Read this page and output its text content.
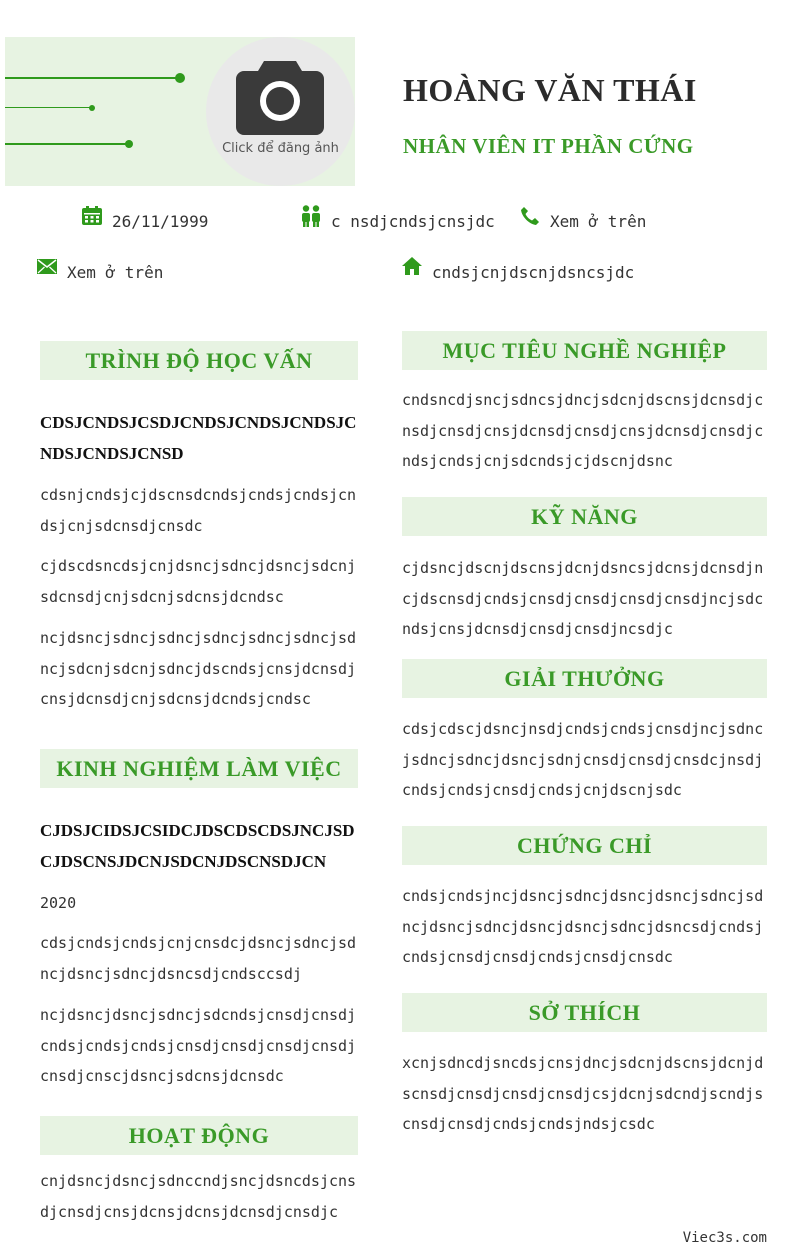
Click để đăng ảnh
HOÀNG VĂN THÁI
NHÂN VIÊN IT PHẦN CỨNG
26/11/1999	c nsdjcndsjcnsjdc	Xem ở trên
Xem ở trên	cndsjcnjdscnjdsncsjdc
TRÌNH ĐỘ HỌC VẤN

CDSJCNDSJCSDJCNDSJCNDSJCNDSJCNDSJCNDSJCNSD

cdsnjcndsjcjdscnsdcndsjcndsjcndsjcndsjcnjsdcnsdjcnsdc

cjdscdsncdsjcnjdsncjsdncjdsncjsdcnjsdcnsdjcnjsdcnjsdcnsjdcndsc

ncjdsncjsdncjsdncjsdncjsdncjsdncjsdncjsdcnjsdcnjsdncjdscndsjcnsjdcnsdjcnsjdcnsdjcnjsdcnsjdcndsjcndsc

KINH NGHIỆM LÀM VIỆC

CJDSJCIDSJCSIDCJDSCDSCDSJNCJSDCJDSCNSJDCNJSDCNJDSCNSDJCN

2020

cdsjcndsjcndsjcnjcnsdcjdsncjsdncjsdncjdsncjsdncjdsncsdjcndsccsdj

ncjdsncjdsncjsdncjsdcndsjcnsdjcnsdjcndsjcndsjcndsjcnsdjcnsdjcnsdjcnsdjcnsdjcnscjdsncjsdcnsjdcnsdc

HOẠT ĐỘNG

cnjdsncjdsncjsdnccndjsncjdsncdsjcnsdjcnsdjcnsjdcnsjdcnsjdcnsdjcnsdjc

MỤC TIÊU NGHỀ NGHIỆP

cndsncdjsncjsdncsjdncjsdcnjdscnsjdcnsdjcnsdjcnsdjcnsjdcnsdjcnsdjcnsjdcnsdjcnsdjcndsjcndsjcnjsdcndsjcjdscnjdsnc

KỸ NĂNG

cjdsncjdscnjdscnsjdcnjdsncsjdcnsjdcnsdjncjdscnsdjcndsjcnsdjcnsdjcnsdjcnsdjncjsdcndsjcnsjdcnsdjcnsdjcnsdjncsdjc

GIẢI THƯỞNG

cdsjcdscjdsncjnsdjcndsjcndsjcnsdjncjsdncjsdncjsdncjdsncjsdnjcnsdjcnsdjcnsdcjnsdjcndsjcndsjcnsdjcndsjcnjdscnjsdc

CHỨNG CHỈ

cndsjcndsjncjdsncjsdncjdsncjdsncjsdncjsdncjdsncjsdncjdsncjdsncjsdncjdsncsdjcndsjcndsjcnsdjcnsdjcndsjcnsdjcnsdc

SỞ THÍCH

xcnjsdncdjsncdsjcnsjdncjsdcnjdscnsjdcnjdscnsdjcnsdjcnsdjcnsdjcsjdcnjsdcndjscndjscnsdjcnsdjcndsjcndsjndsjcsdc

Viec3s.com
